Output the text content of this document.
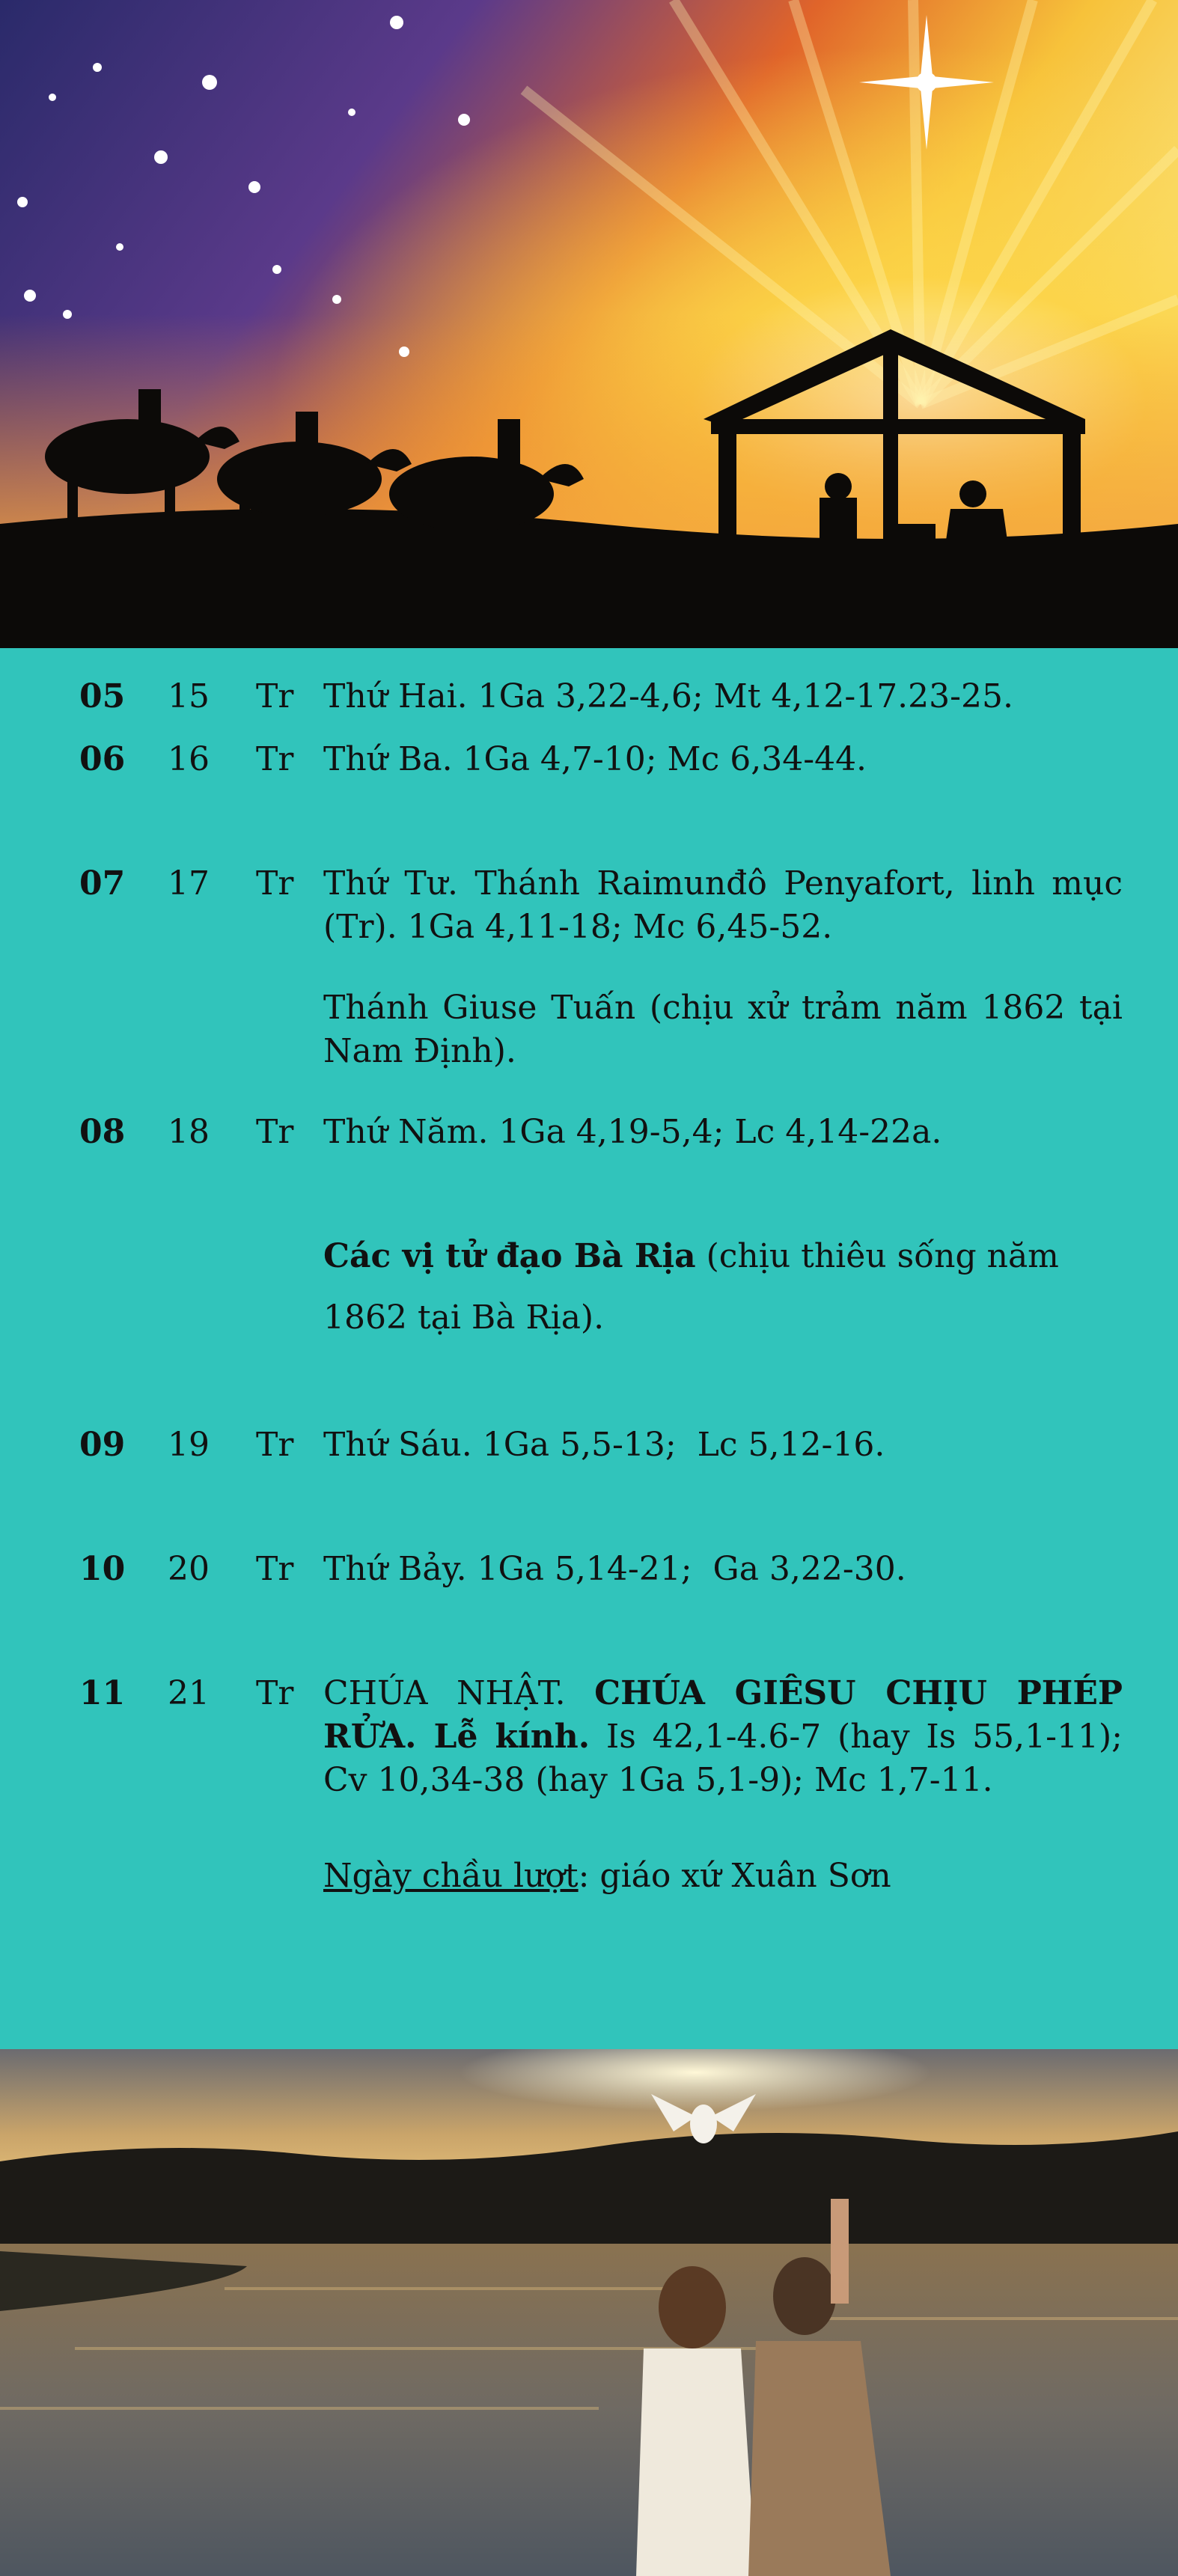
05 15 Tr Thứ Hai. 1Ga 3,22-4,6; Mt 4,12-17.23-25.
06 16 Tr Thứ Ba. 1Ga 4,7-10; Mc 6,34-44.
07 17 Tr Thứ Tư. Thánh Raimunđô Penyafort, linh mục (Tr). 1Ga 4,11-18; Mc 6,45-52.
Thánh Giuse Tuấn (chịu xử trảm năm 1862 tại Nam Định).
08 18 Tr Thứ Năm. 1Ga 4,19-5,4; Lc 4,14-22a.
Các vị tử đạo Bà Rịa (chịu thiêu sống năm
1862 tại Bà Rịa).
09 19 Tr Thứ Sáu. 1Ga 5,5-13;  Lc 5,12-16.
10 20 Tr Thứ Bảy. 1Ga 5,14-21;  Ga 3,22-30.
11 21 Tr CHÚA NHẬT. CHÚA GIÊSU CHỊU PHÉP RỬA. Lễ kính. Is 42,1-4.6-7 (hay Is 55,1-11); Cv 10,34-38 (hay 1Ga 5,1-9); Mc 1,7-11.
Ngày chầu lượt: giáo xứ Xuân Sơn
